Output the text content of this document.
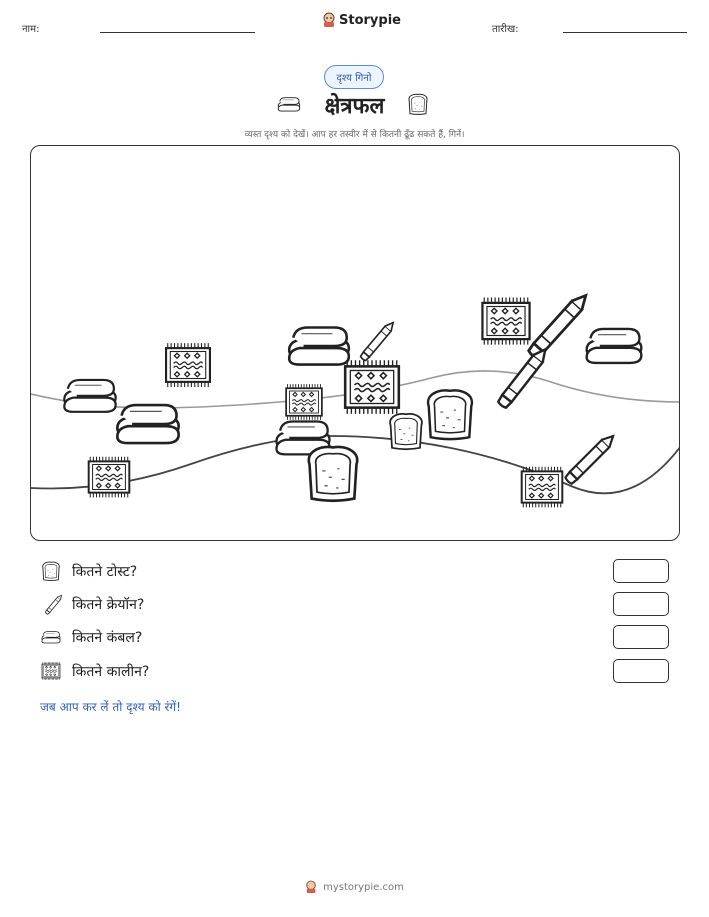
नाम:
Storypie
तारीख:
दृश्य गिनो
क्षेत्रफल
व्यस्त दृश्य को देखें। आप हर तस्वीर में से कितनी ढूँढ सकते हैं, गिनें।
कितने टोस्ट?
कितने क्रेयॉन?
कितने कंबल?
कितने कालीन?
जब आप कर लें तो दृश्य को रंगें!
mystorypie.com
